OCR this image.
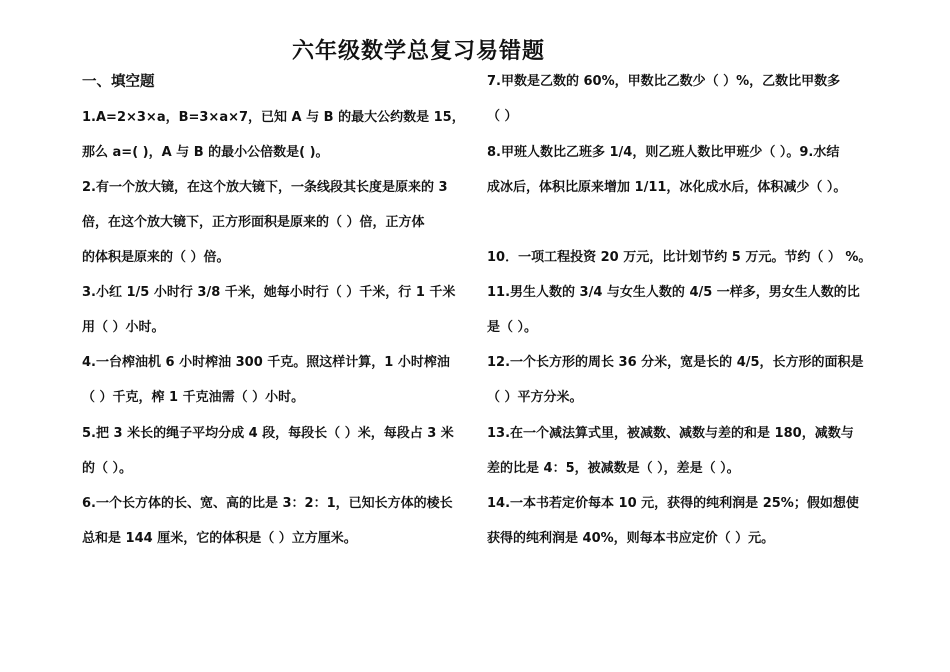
六年级数学总复习易错题
一、填空题
1.A=2×3×a，B=3×a×7，已知 A 与 B 的最大公约数是 15，
那么 a=( )，A 与 B 的最小公倍数是( )。
2.有一个放大镜，在这个放大镜下，一条线段其长度是原来的 3
倍，在这个放大镜下，正方形面积是原来的（ ）倍，正方体
的体积是原来的（ ）倍。
3.小红 1/5 小时行 3/8 千米，她每小时行（ ）千米，行 1 千米
用（ ）小时。
4.一台榨油机 6 小时榨油 300 千克。照这样计算，1 小时榨油
（ ）千克，榨 1 千克油需（ ）小时。
5.把 3 米长的绳子平均分成 4 段，每段长（ ）米，每段占 3 米
的（ ）。
6.一个长方体的长、宽、高的比是 3：2：1，已知长方体的棱长
总和是 144 厘米，它的体积是（ ）立方厘米。
7.甲数是乙数的 60%，甲数比乙数少（ ）%，乙数比甲数多
（ ）
8.甲班人数比乙班多 1/4，则乙班人数比甲班少（ ）。9.水结
成冰后，体积比原来增加 1/11，冰化成水后，体积减少（ ）。
10．一项工程投资 20 万元，比计划节约 5 万元。节约（ ） %。
11.男生人数的 3/4 与女生人数的 4/5 一样多，男女生人数的比
是（ ）。
12.一个长方形的周长 36 分米，宽是长的 4/5，长方形的面积是
（ ）平方分米。
13.在一个减法算式里，被减数、减数与差的和是 180，减数与
差的比是 4：5，被减数是（ ），差是（ ）。
14.一本书若定价每本 10 元，获得的纯利润是 25%；假如想使
获得的纯利润是 40%，则每本书应定价（ ）元。
